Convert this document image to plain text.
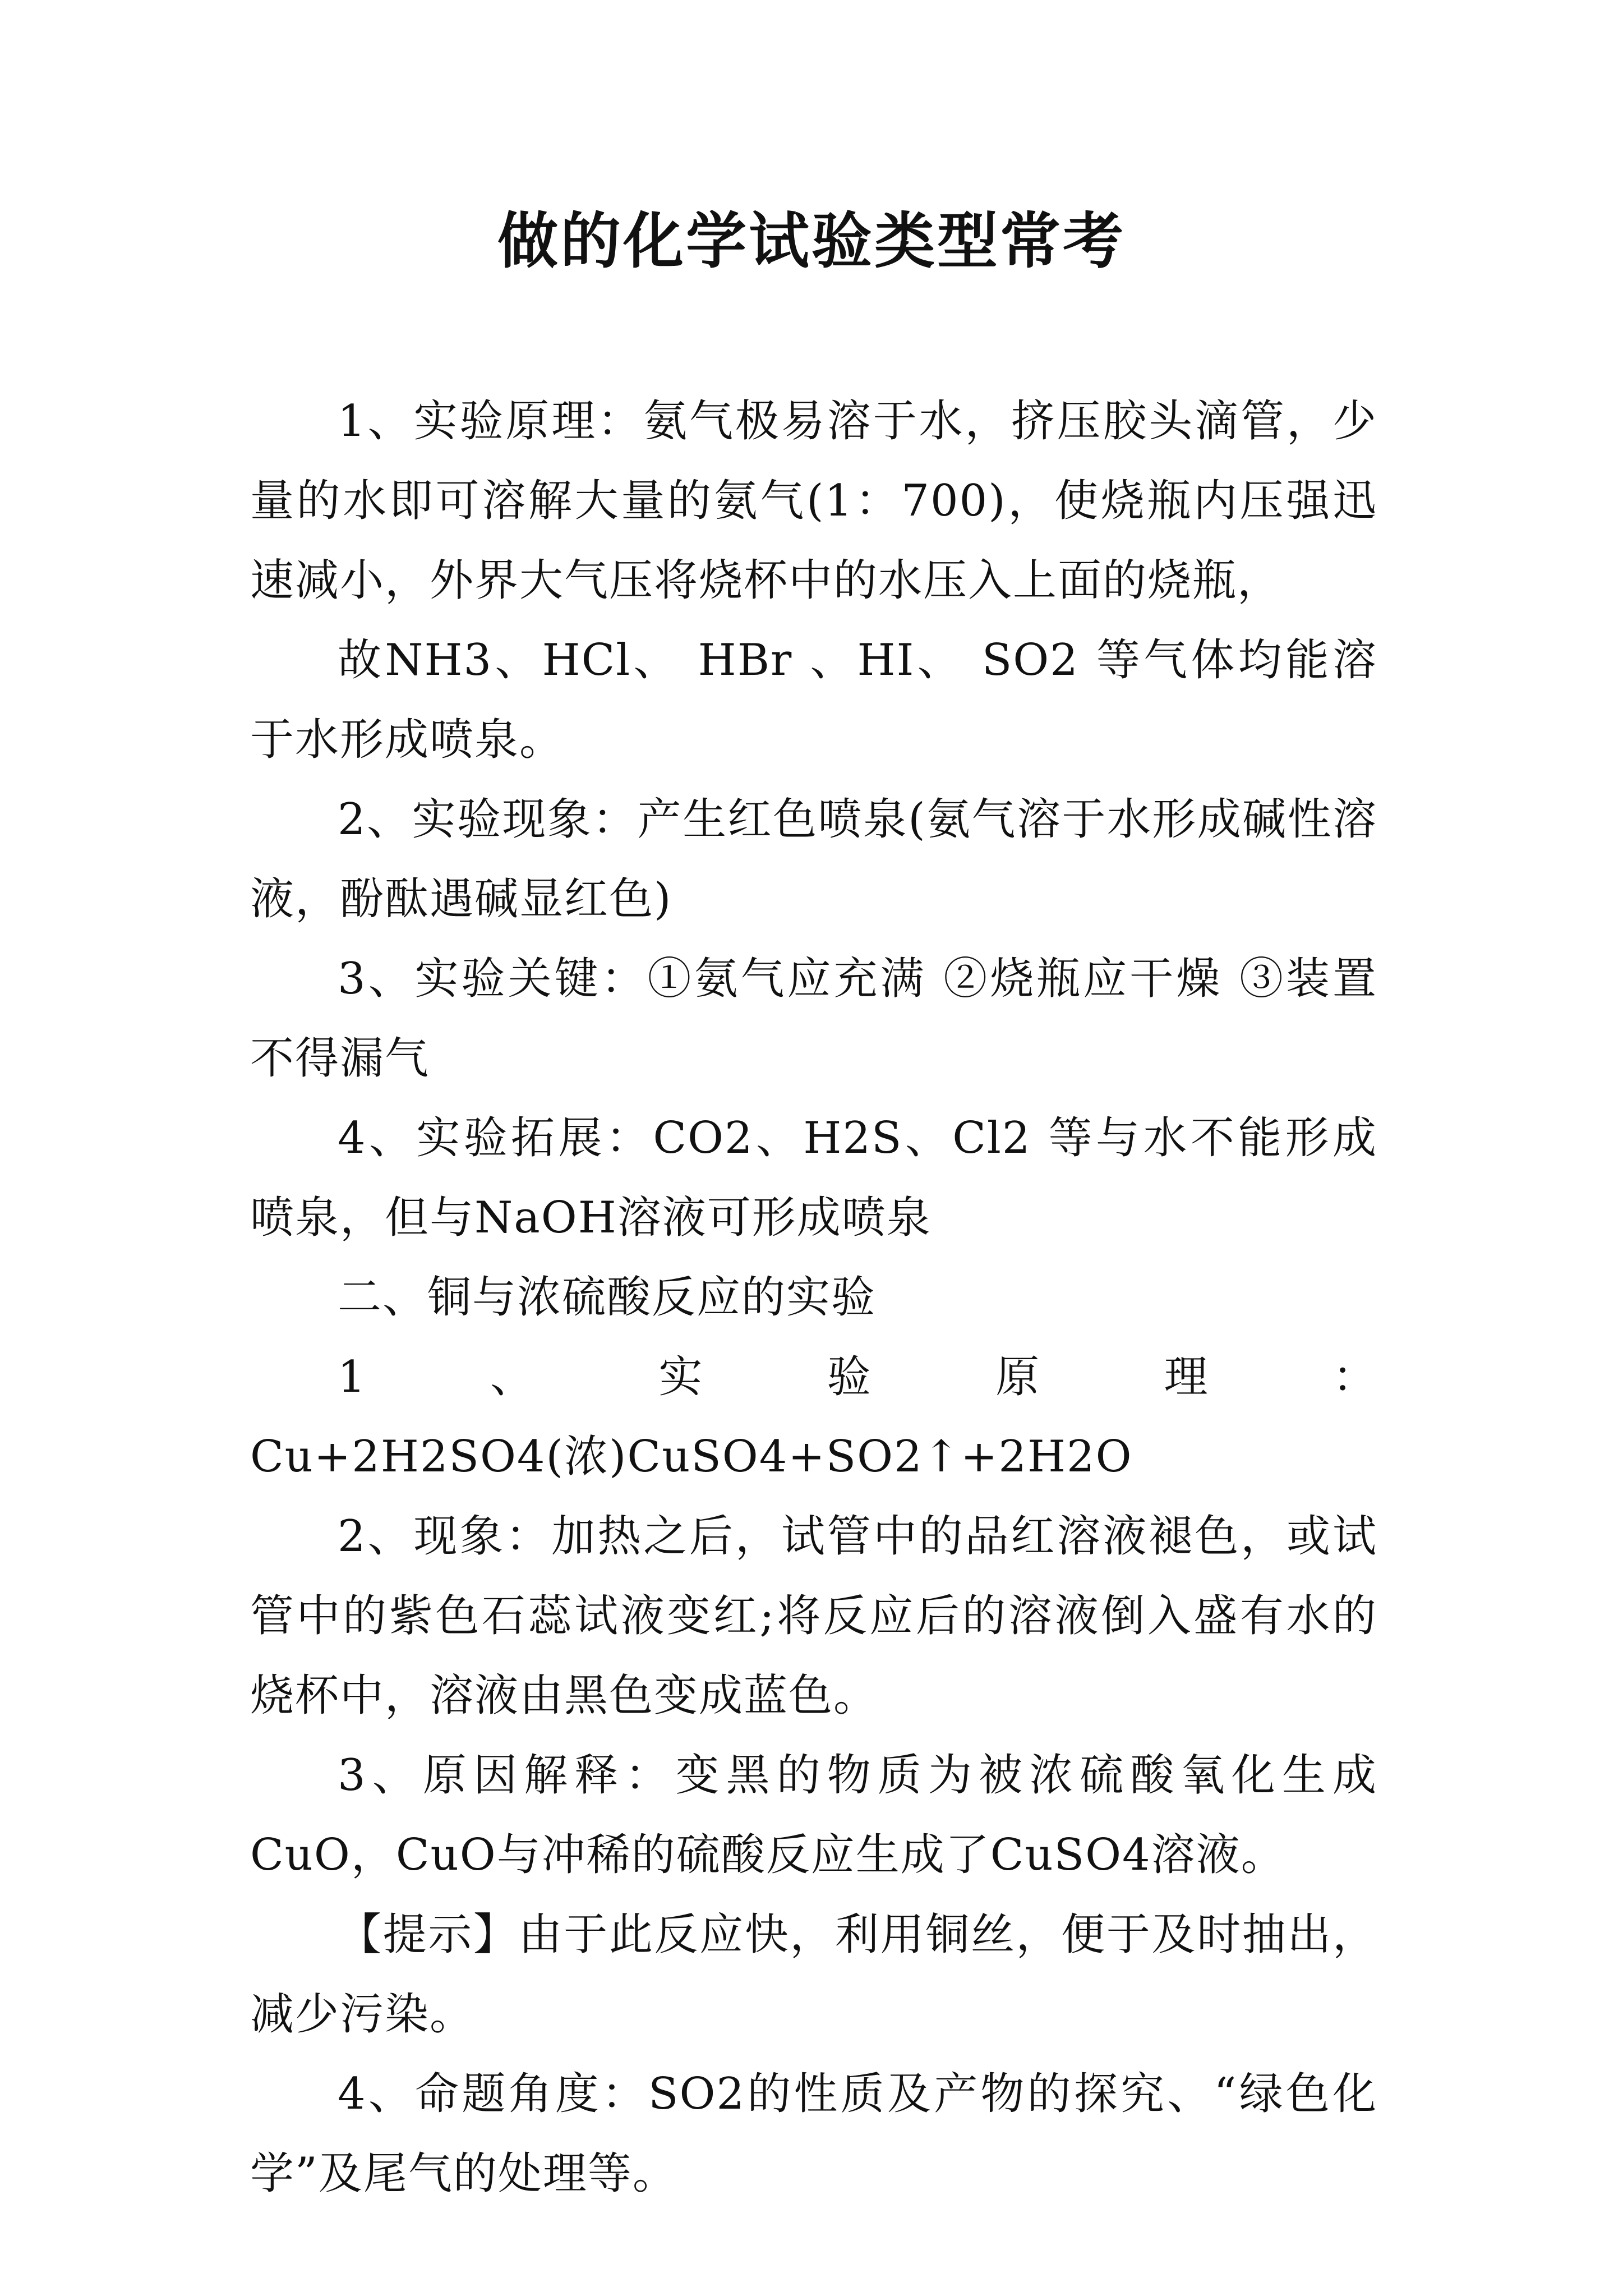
做的化学试验类型常考

1、实验原理：氨气极易溶于水，挤压胶头滴管，少量的水即可溶解大量的氨气(1：700)，使烧瓶内压强迅速减小，外界大气压将烧杯中的水压入上面的烧瓶，

故NH3、HCl、 HBr 、HI、 SO2 等气体均能溶于水形成喷泉。

2、实验现象：产生红色喷泉(氨气溶于水形成碱性溶液，酚酞遇碱显红色)

3、实验关键：①氨气应充满 ②烧瓶应干燥 ③装置不得漏气

4、实验拓展：CO2、H2S、Cl2 等与水不能形成喷泉，但与NaOH溶液可形成喷泉

二、铜与浓硫酸反应的实验

1、实验原理：Cu+2H2SO4(浓)CuSO4+SO2↑+2H2O

2、现象：加热之后，试管中的品红溶液褪色，或试管中的紫色石蕊试液变红;将反应后的溶液倒入盛有水的烧杯中，溶液由黑色变成蓝色。

3、原因解释：变黑的物质为被浓硫酸氧化生成CuO，CuO与冲稀的硫酸反应生成了CuSO4溶液。

【提示】由于此反应快，利用铜丝，便于及时抽出，减少污染。

4、命题角度：SO2的性质及产物的探究、“绿色化学”及尾气的处理等。
